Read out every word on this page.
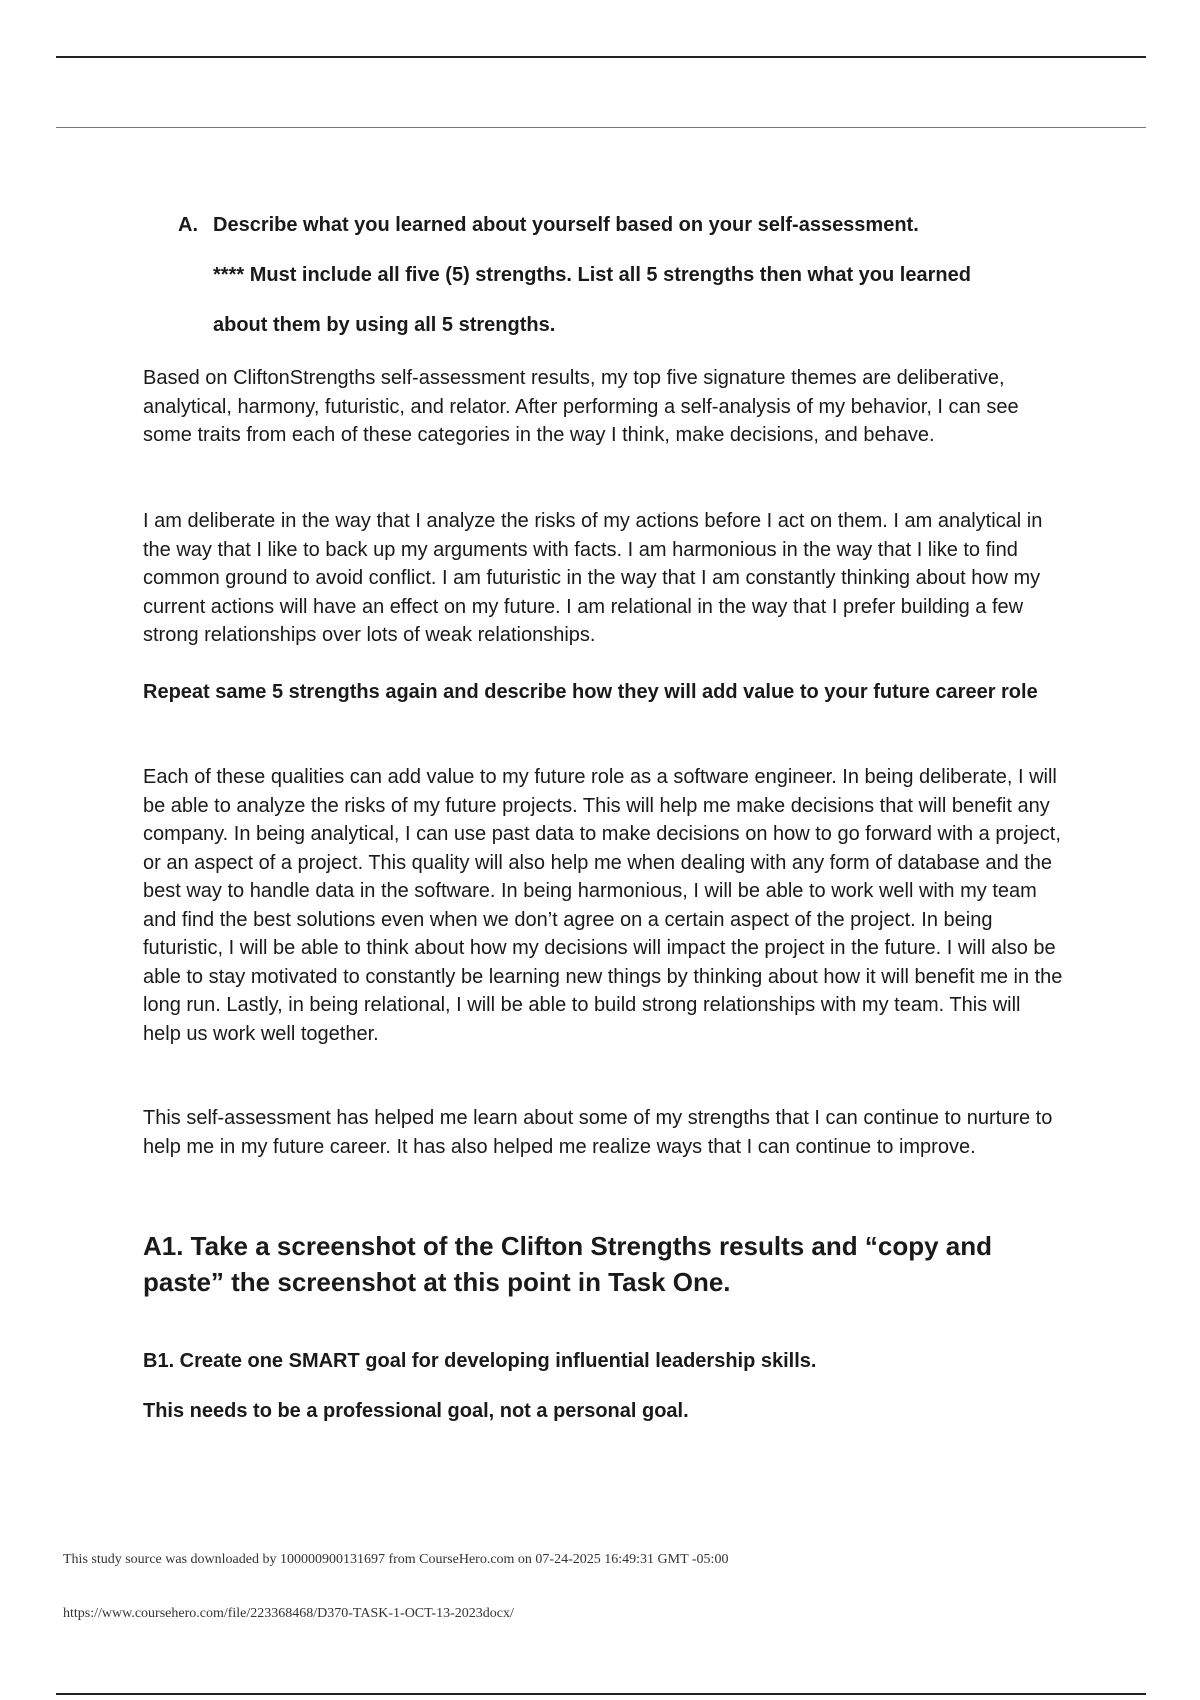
A. Describe what you learned about yourself based on your self-assessment.
**** Must include all five (5) strengths. List all 5 strengths then what you learned
about them by using all 5 strengths.

Based on CliftonStrengths self-assessment results, my top five signature themes are deliberative, analytical, harmony, futuristic, and relator. After performing a self-analysis of my behavior, I can see some traits from each of these categories in the way I think, make decisions, and behave.

I am deliberate in the way that I analyze the risks of my actions before I act on them. I am analytical in the way that I like to back up my arguments with facts. I am harmonious in the way that I like to find common ground to avoid conflict. I am futuristic in the way that I am constantly thinking about how my current actions will have an effect on my future. I am relational in the way that I prefer building a few strong relationships over lots of weak relationships.

Repeat same 5 strengths again and describe how they will add value to your future career role

Each of these qualities can add value to my future role as a software engineer. In being deliberate, I will be able to analyze the risks of my future projects. This will help me make decisions that will benefit any company. In being analytical, I can use past data to make decisions on how to go forward with a project, or an aspect of a project. This quality will also help me when dealing with any form of database and the best way to handle data in the software. In being harmonious, I will be able to work well with my team and find the best solutions even when we don’t agree on a certain aspect of the project. In being futuristic, I will be able to think about how my decisions will impact the project in the future. I will also be able to stay motivated to constantly be learning new things by thinking about how it will benefit me in the long run. Lastly, in being relational, I will be able to build strong relationships with my team. This will help us work well together.

This self-assessment has helped me learn about some of my strengths that I can continue to nurture to help me in my future career. It has also helped me realize ways that I can continue to improve.

A1. Take a screenshot of the Clifton Strengths results and “copy and paste” the screenshot at this point in Task One.

B1. Create one SMART goal for developing influential leadership skills.

This needs to be a professional goal, not a personal goal.

This study source was downloaded by 100000900131697 from CourseHero.com on 07-24-2025 16:49:31 GMT -05:00
https://www.coursehero.com/file/223368468/D370-TASK-1-OCT-13-2023docx/
